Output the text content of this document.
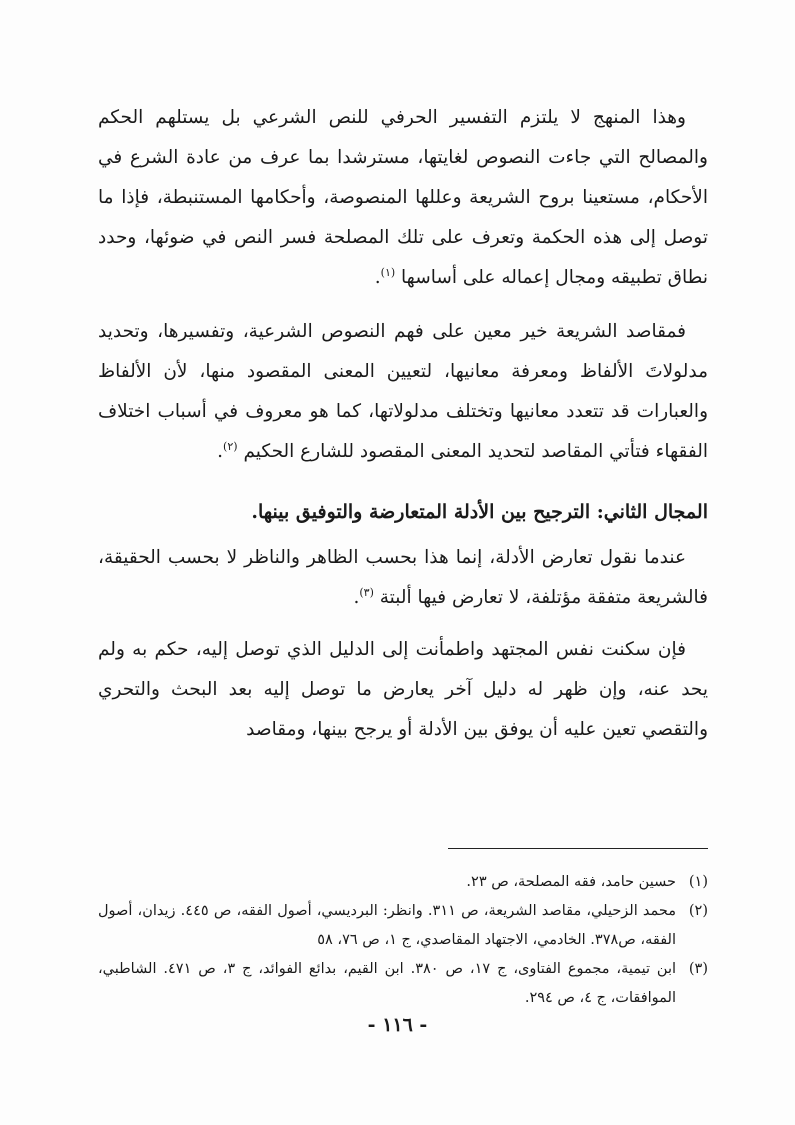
وهذا المنهج لا يلتزم التفسير الحرفي للنص الشرعي بل يستلهم الحكم والمصالح التي جاءت النصوص لغايتها، مسترشدا بما عرف من عادة الشرع في الأحكام، مستعينا بروح الشريعة وعللها المنصوصة، وأحكامها المستنبطة، فإذا ما توصل إلى هذه الحكمة وتعرف على تلك المصلحة فسر النص في ضوئها، وحدد نطاق تطبيقه ومجال إعماله على أساسها $^{(١)}$.

فمقاصد الشريعة خير معين على فهم النصوص الشرعية، وتفسيرها، وتحديد مدلولاتَ الألفاظ ومعرفة معانيها، لتعيين المعنى المقصود منها، لأن الألفاظ والعبارات قد تتعدد معانيها وتختلف مدلولاتها، كما هو معروف في أسباب اختلاف الفقهاء فتأتي المقاصد لتحديد المعنى المقصود للشارع الحكيم $^{(٢)}$.

المجال الثاني: الترجيح بين الأدلة المتعارضة والتوفيق بينها.

عندما نقول تعارض الأدلة، إنما هذا بحسب الظاهر والناظر لا بحسب الحقيقة، فالشريعة متفقة مؤتلفة، لا تعارض فيها ألبتة $^{(٣)}$.

فإن سكنت نفس المجتهد واطمأنت إلى الدليل الذي توصل إليه، حكم به ولم يحد عنه، وإن ظهر له دليل آخر يعارض ما توصل إليه بعد البحث والتحري والتقصي تعين عليه أن يوفق بين الأدلة أو يرجح بينها، ومقاصد

(١)
حسين حامد، فقه المصلحة، ص ٢٣.
(٢)
محمد الزحيلي، مقاصد الشريعة، ص ٣١١. وانظر: البرديسي، أصول الفقه، ص ٤٤٥. زيدان، أصول الفقه، ص٣٧٨. الخادمي، الاجتهاد المقاصدي، ج ١، ص ٧٦، ٥٨
(٣)
ابن تيمية، مجموع الفتاوى، ج ١٧، ص ٣٨٠. ابن القيم، بدائع الفوائد، ج ٣، ص ٤٧١. الشاطبي، الموافقات، ج ٤، ص ٢٩٤.
- ١١٦ -
